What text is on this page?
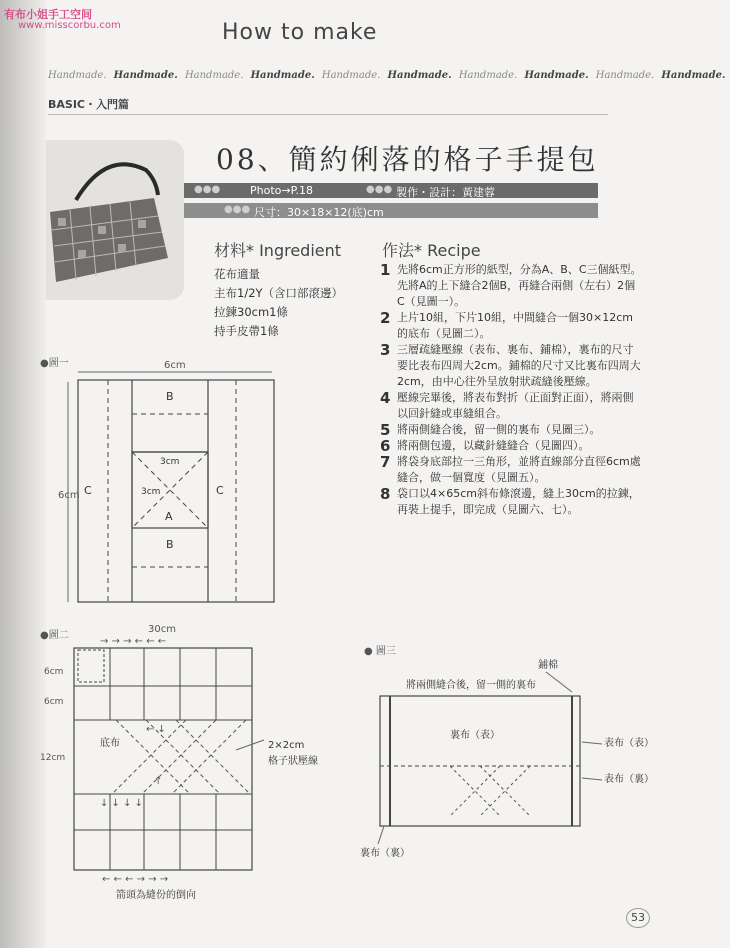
有布小姐手工空间
www.misscorbu.com	How to make
Handmade. Handmade. Handmade. Handmade. Handmade. Handmade. Handmade. Handmade. Handmade. Handmade.
BASIC・入門篇
08、簡約俐落的格子手提包
●●●	Photo→P.18	●●● 製作・設計：黃建蓉
●●● 尺寸：30×18×12(底)cm
材料* Ingredient
花布適量
主布1/2Y（含口部滾邊）
拉鍊30cm1條
持手皮帶1條
作法* Recipe
1 先將6cm正方形的紙型，分為A、B、C三個紙型。先將A的上下縫合2個B，再縫合兩側（左右）2個C（見圖一）。
2 上片10組，下片10組，中間縫合一個30×12cm的底布（見圖二）。
3 三層疏縫壓線（表布、裏布、鋪棉），裏布的尺寸要比表布四周大2cm。鋪棉的尺寸又比裏布四周大2cm，由中心往外呈放射狀疏縫後壓線。
4 壓線完畢後，將表布對折（正面對正面），將兩側以回針縫或車縫組合。
5 將兩側縫合後，留一側的裏布（見圖三）。
6 將兩側包邊，以藏針縫縫合（見圖四）。
7 將袋身底部拉一三角形，並將直線部分直徑6cm處縫合，做一個寬度（見圖五）。
8 袋口以4×65cm斜布條滾邊，縫上30cm的拉鍊，再裝上提手，即完成（見圖六、七）。
●圖一	6cm
6cm
B
B
C	C
A
3cm
3cm
●圖二
30cm
→ → → ← ← ←
6cm
6cm
12cm
底布
↑
← ↓
↓ ↓ ↓ ↓
2×2cm
格子狀壓線
← ← ← → → →
箭頭為縫份的倒向
● 圖三
鋪棉
將兩側縫合後，留一側的裏布
裏布（表）
表布（表）
表布（裏）
裏布（裏）
53
